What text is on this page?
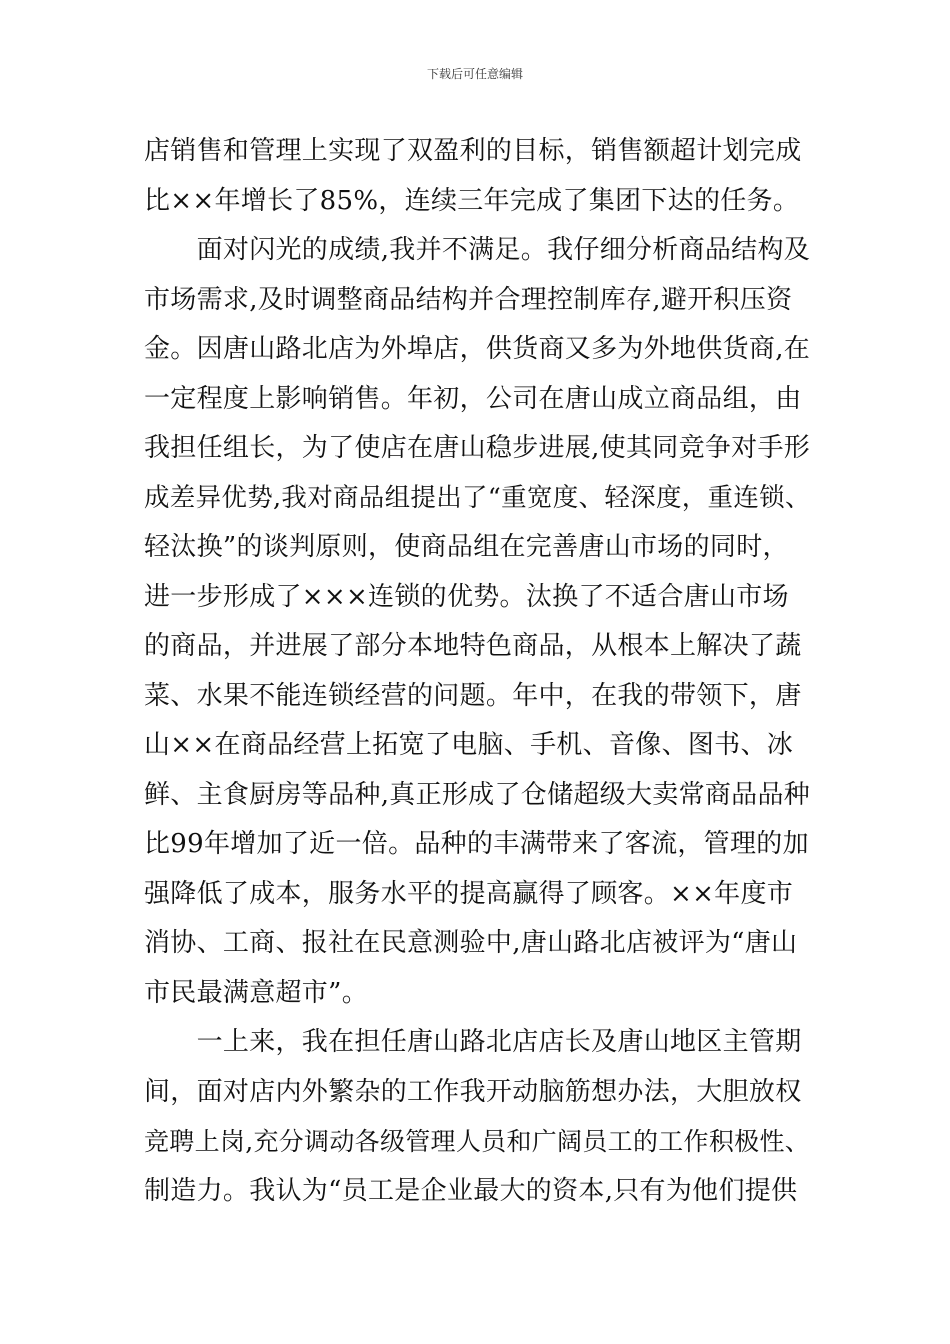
下载后可任意编辑
店销售和管理上实现了双盈利的目标，销售额超计划完成
比××年增长了85%，连续三年完成了集团下达的任务。
　　面对闪光的成绩,我并不满足。我仔细分析商品结构及
市场需求,及时调整商品结构并合理控制库存,避开积压资
金。因唐山路北店为外埠店，供货商又多为外地供货商,在
一定程度上影响销售。年初，公司在唐山成立商品组，由
我担任组长，为了使店在唐山稳步进展,使其同竞争对手形
成差异优势,我对商品组提出了“重宽度、轻深度，重连锁、
轻汰换”的谈判原则，使商品组在完善唐山市场的同时，
进一步形成了×××连锁的优势。汰换了不适合唐山市场
的商品，并进展了部分本地特色商品，从根本上解决了蔬
菜、水果不能连锁经营的问题。年中，在我的带领下，唐
山××在商品经营上拓宽了电脑、手机、音像、图书、冰
鲜、主食厨房等品种,真正形成了仓储超级大卖常商品品种
比99年增加了近一倍。品种的丰满带来了客流，管理的加
强降低了成本，服务水平的提高赢得了顾客。××年度市
消协、工商、报社在民意测验中,唐山路北店被评为“唐山
市民最满意超市”。
　　一上来，我在担任唐山路北店店长及唐山地区主管期
间，面对店内外繁杂的工作我开动脑筋想办法，大胆放权
竞聘上岗,充分调动各级管理人员和广阔员工的工作积极性、
制造力。我认为“员工是企业最大的资本,只有为他们提供
